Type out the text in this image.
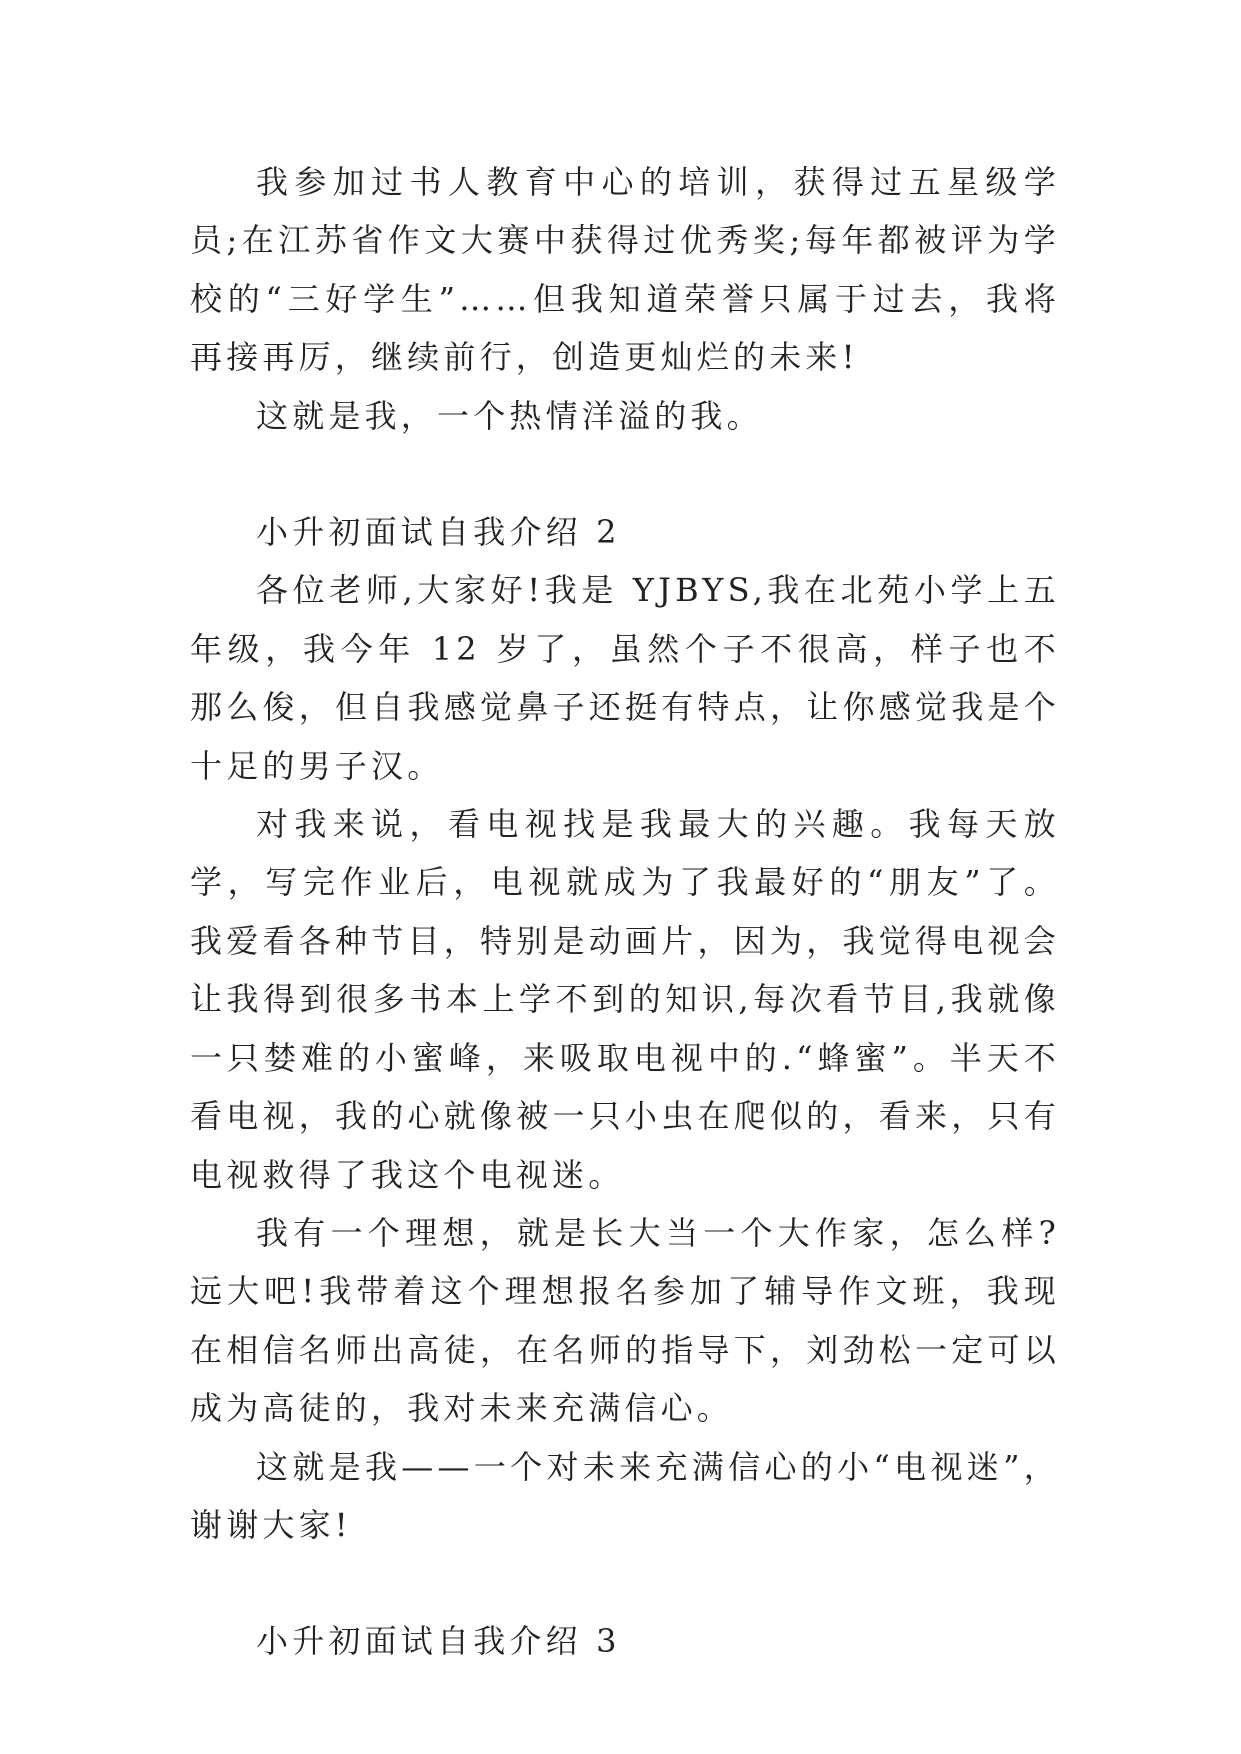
我参加过书人教育中心的培训，获得过五星级学员;在江苏省作文大赛中获得过优秀奖;每年都被评为学校的“三好学生”……但我知道荣誉只属于过去，我将再接再厉，继续前行，创造更灿烂的未来!

这就是我，一个热情洋溢的我。

小升初面试自我介绍 2

各位老师,大家好!我是 YJBYS,我在北苑小学上五年级，我今年 12 岁了，虽然个子不很高，样子也不那么俊，但自我感觉鼻子还挺有特点，让你感觉我是个十足的男子汉。

对我来说，看电视找是我最大的兴趣。我每天放学，写完作业后，电视就成为了我最好的“朋友”了。我爱看各种节目，特别是动画片，因为，我觉得电视会让我得到很多书本上学不到的知识,每次看节目,我就像一只婪难的小蜜峰，来吸取电视中的.“蜂蜜”。半天不看电视，我的心就像被一只小虫在爬似的，看来，只有电视救得了我这个电视迷。

我有一个理想，就是长大当一个大作家，怎么样?远大吧!我带着这个理想报名参加了辅导作文班，我现在相信名师出高徒，在名师的指导下，刘劲松一定可以成为高徒的，我对未来充满信心。

这就是我——一个对未来充满信心的小“电视迷”，谢谢大家!

小升初面试自我介绍 3
